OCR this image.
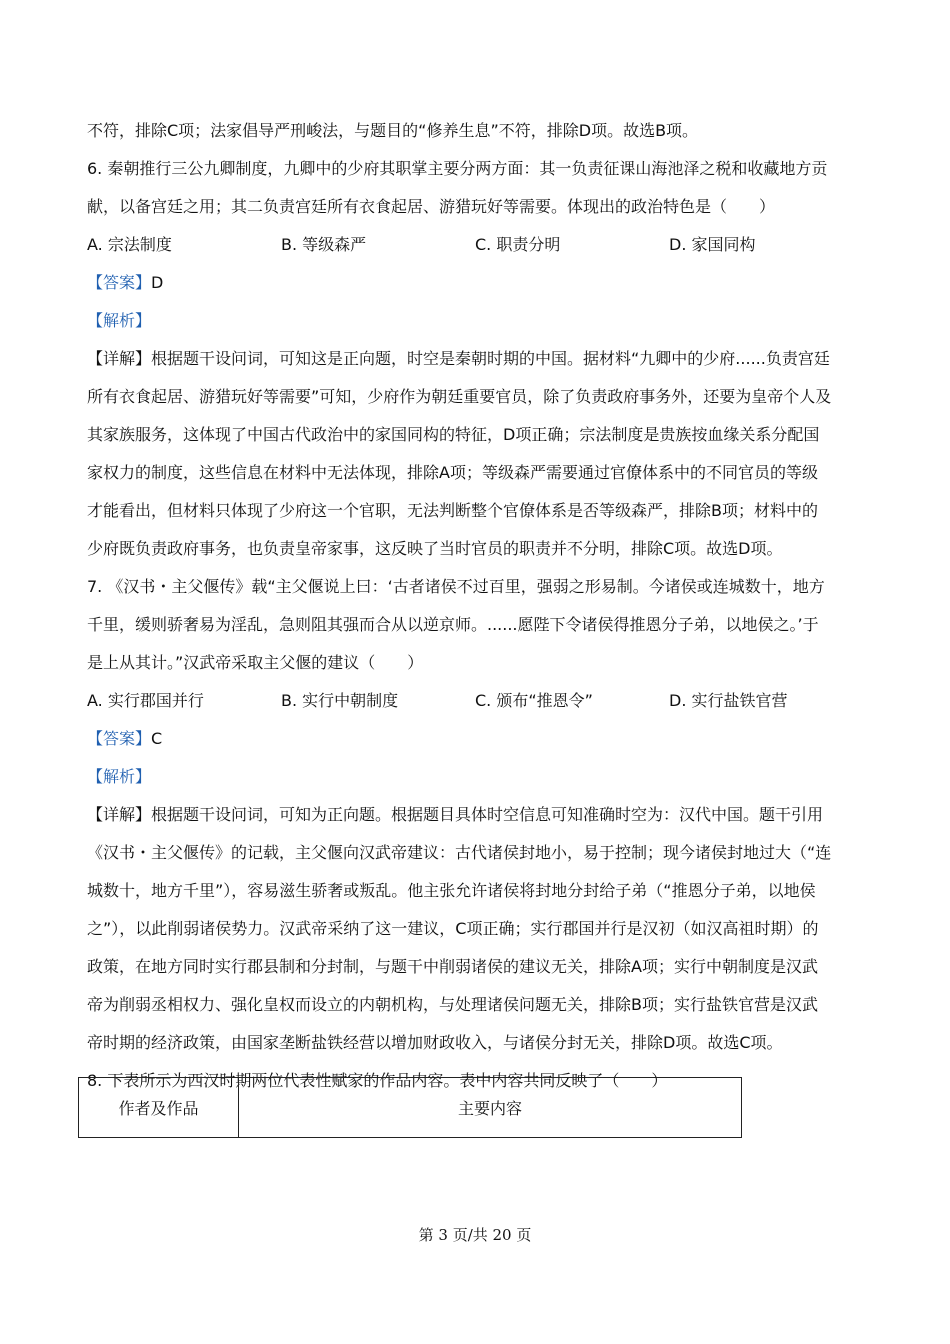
不符，排除C项；法家倡导严刑峻法，与题目的“修养生息”不符，排除D项。故选B项。
6. 秦朝推行三公九卿制度，九卿中的少府其职掌主要分两方面：其一负责征课山海池泽之税和收藏地方贡
献，以备宫廷之用；其二负责宫廷所有衣食起居、游猎玩好等需要。体现出的政治特色是（　　）
A. 宗法制度	B. 等级森严	C. 职责分明	D. 家国同构
【答案】D
【解析】
【详解】根据题干设问词，可知这是正向题，时空是秦朝时期的中国。据材料“九卿中的少府......负责宫廷
所有衣食起居、游猎玩好等需要”可知，少府作为朝廷重要官员，除了负责政府事务外，还要为皇帝个人及
其家族服务，这体现了中国古代政治中的家国同构的特征，D项正确；宗法制度是贵族按血缘关系分配国
家权力的制度，这些信息在材料中无法体现，排除A项；等级森严需要通过官僚体系中的不同官员的等级
才能看出，但材料只体现了少府这一个官职，无法判断整个官僚体系是否等级森严，排除B项；材料中的
少府既负责政府事务，也负责皇帝家事，这反映了当时官员的职责并不分明，排除C项。故选D项。
7. 《汉书・主父偃传》载“主父偃说上曰：‘古者诸侯不过百里，强弱之形易制。今诸侯或连城数十，地方
千里，缓则骄奢易为淫乱，急则阻其强而合从以逆京师。......愿陛下令诸侯得推恩分子弟，以地侯之。’于
是上从其计。”汉武帝采取主父偃的建议（　　）
A. 实行郡国并行	B. 实行中朝制度	C. 颁布“推恩令”	D. 实行盐铁官营
【答案】C
【解析】
【详解】根据题干设问词，可知为正向题。根据题目具体时空信息可知准确时空为：汉代中国。题干引用
《汉书・主父偃传》的记载，主父偃向汉武帝建议：古代诸侯封地小，易于控制；现今诸侯封地过大（“连
城数十，地方千里”），容易滋生骄奢或叛乱。他主张允许诸侯将封地分封给子弟（“推恩分子弟，以地侯
之”），以此削弱诸侯势力。汉武帝采纳了这一建议，C项正确；实行郡国并行是汉初（如汉高祖时期）的
政策，在地方同时实行郡县制和分封制，与题干中削弱诸侯的建议无关，排除A项；实行中朝制度是汉武
帝为削弱丞相权力、强化皇权而设立的内朝机构，与处理诸侯问题无关，排除B项；实行盐铁官营是汉武
帝时期的经济政策，由国家垄断盐铁经营以增加财政收入，与诸侯分封无关，排除D项。故选C项。
8. 下表所示为西汉时期两位代表性赋家的作品内容。表中内容共同反映了（　　）
作者及作品	主要内容
第 3 页/共 20 页
